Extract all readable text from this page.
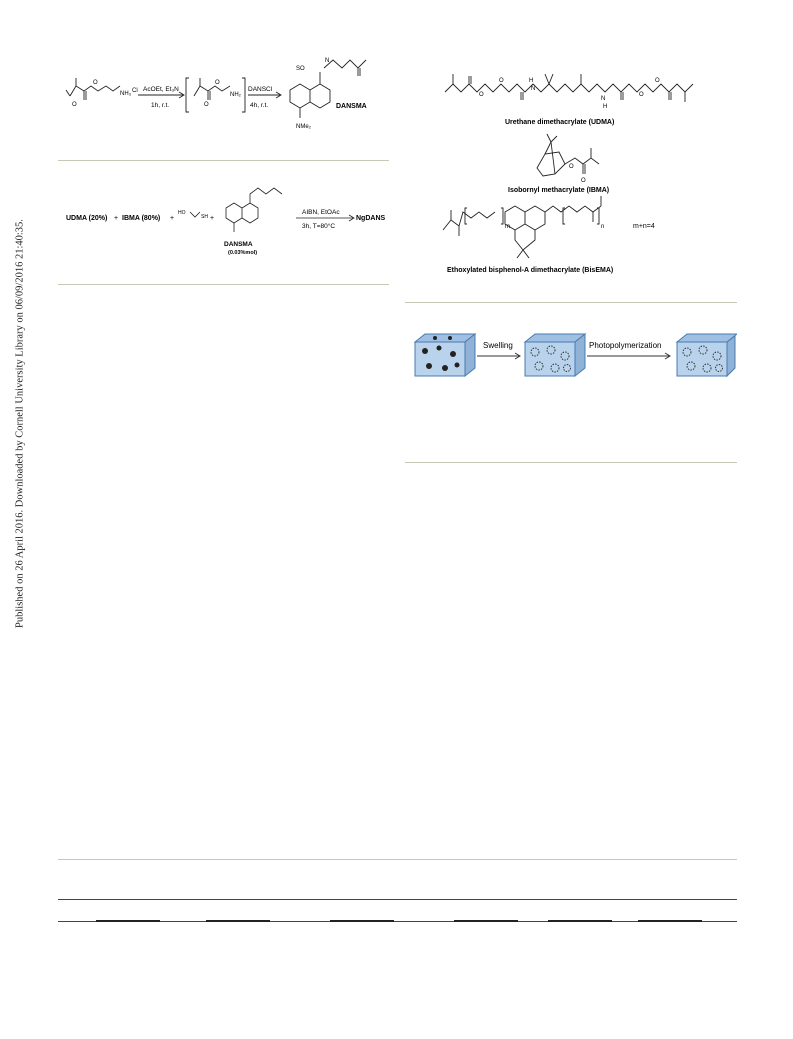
Published on 26 April 2016. Downloaded by Cornell University Library on 06/09/2016 21:40:35.
O
O
NH₃ Cl AcOEt, Et₃N
1h, r.t.	O
O
NH₂
DANSCl
4h, r.t.
SO
N
NMe₂
DANSMA
UDMA (20%) + IBMA (80%) +
HO
SH +
DANSMA
(0.03%mol)
AIBN, EtOAc
3h, T=80°C
NgDANS
O
O	H
N
N
H
O
O
Urethane dimethacrylate (UDMA)
O
O
Isobornyl methacrylate (IBMA)
m	n	m+n=4
Ethoxylated bisphenol-A dimethacrylate (BisEMA)
Swelling	Photopolymerization
